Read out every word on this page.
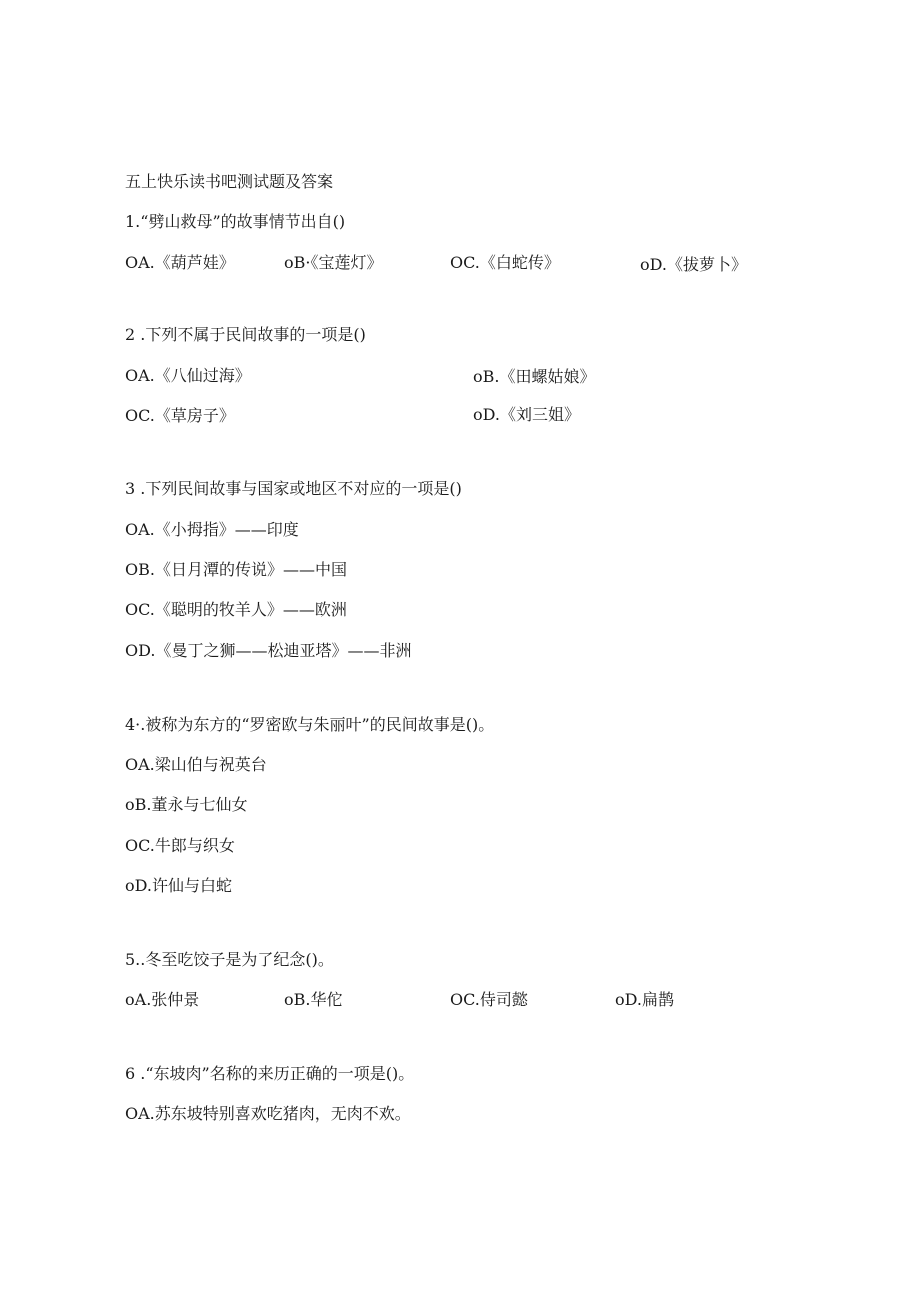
五上快乐读书吧测试题及答案
1.“劈山救母”的故事情节出自()
OA.《葫芦娃》	oB·《宝莲灯》	OC.《白蛇传》	oD.《拔萝卜》
2 .下列不属于民间故事的一项是()
OA.《八仙过海》	oB.《田螺姑娘》
OC.《草房子》	oD.《刘三姐》
3 .下列民间故事与国家或地区不对应的一项是()
OA.《小拇指》——印度
OB.《日月潭的传说》——中国
OC.《聪明的牧羊人》——欧洲
OD.《曼丁之狮——松迪亚塔》——非洲
4·.被称为东方的“罗密欧与朱丽叶”的民间故事是()。
OA.梁山伯与祝英台
oB.董永与七仙女
OC.牛郎与织女
oD.许仙与白蛇
5..冬至吃饺子是为了纪念()。
oA.张仲景	oB.华佗	OC.侍司懿	oD.扁鹊
6 .“东坡肉”名称的来历正确的一项是()。
OA.苏东坡特别喜欢吃猪肉，无肉不欢。
